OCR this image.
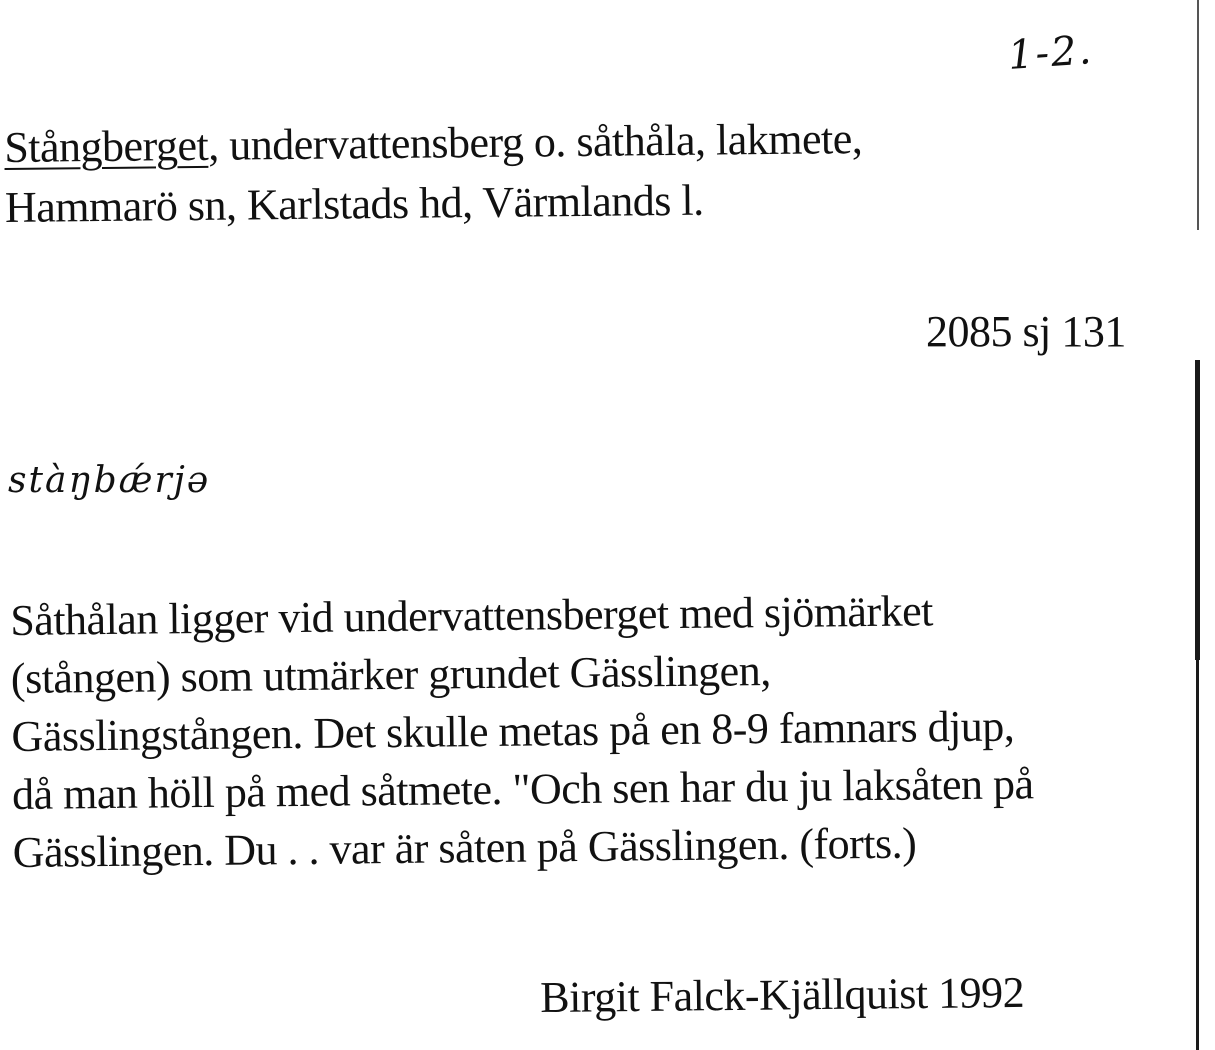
1-2.
Stångberget, undervattensberg o. såthåla, lakmete,
Hammarö sn, Karlstads hd, Värmlands l.
2085 sj 131
stàŋbǽrjə
Såthålan ligger vid undervattensberget med sjömärket
(stången) som utmärker grundet Gässlingen,
Gässlingstången. Det skulle metas på en 8-9 famnars djup,
då man höll på med såtmete. "Och sen har du ju laksåten på
Gässlingen. Du . . var är såten på Gässlingen. (forts.)
Birgit Falck-Kjällquist 1992
